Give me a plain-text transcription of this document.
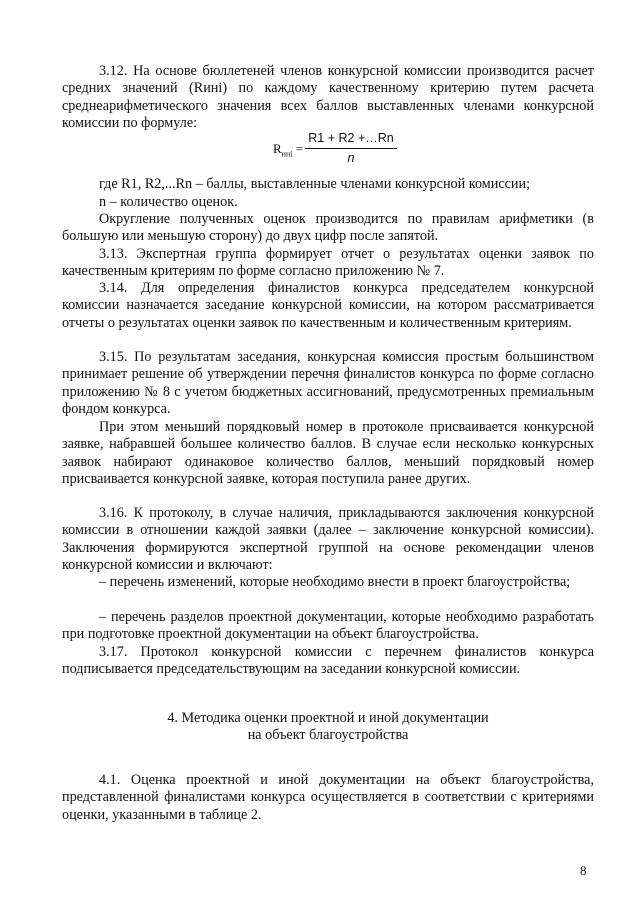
3.12. На основе бюллетеней членов конкурсной комиссии производится расчет средних значений (Rинi) по каждому качественному критерию путем расчета среднеарифметического значения всех баллов выставленных членами конкурсной комиссии по формуле:

$R_{инi}$ =
R1 + R2 +…Rn
n

где R1, R2,...Rn – баллы, выставленные членами конкурсной комиссии;

n – количество оценок.

Округление полученных оценок производится по правилам арифметики (в большую или меньшую сторону) до двух цифр после запятой.

3.13. Экспертная группа формирует отчет о результатах оценки заявок по качественным критериям по форме согласно приложению № 7.

3.14. Для определения финалистов конкурса председателем конкурсной комиссии назначается заседание конкурсной комиссии, на котором рассматривается отчеты о результатах оценки заявок по качественным и количественным критериям.

3.15. По результатам заседания, конкурсная комиссия простым большинством принимает решение об утверждении перечня финалистов конкурса по форме согласно приложению № 8 с учетом бюджетных ассигнований, предусмотренных премиальным фондом конкурса.

При этом меньший порядковый номер в протоколе присваивается конкурсной заявке, набравшей большее количество баллов. В случае если несколько конкурсных заявок набирают одинаковое количество баллов, меньший порядковый номер присваивается конкурсной заявке, которая поступила ранее других.

3.16. К протоколу, в случае наличия, прикладываются заключения конкурсной комиссии в отношении каждой заявки (далее – заключение конкурсной комиссии). Заключения формируются экспертной группой на основе рекомендации членов конкурсной комиссии и включают:

– перечень изменений, которые необходимо внести в проект благоустройства;

– перечень разделов проектной документации, которые необходимо разработать при подготовке проектной документации на объект благоустройства.

3.17. Протокол конкурсной комиссии с перечнем финалистов конкурса подписывается председательствующим на заседании конкурсной комиссии.

4. Методика оценки проектной и иной документации

на объект благоустройства

4.1. Оценка проектной и иной документации на объект благоустройства, представленной финалистами конкурса осуществляется в соответствии с критериями оценки, указанными в таблице 2.

8
